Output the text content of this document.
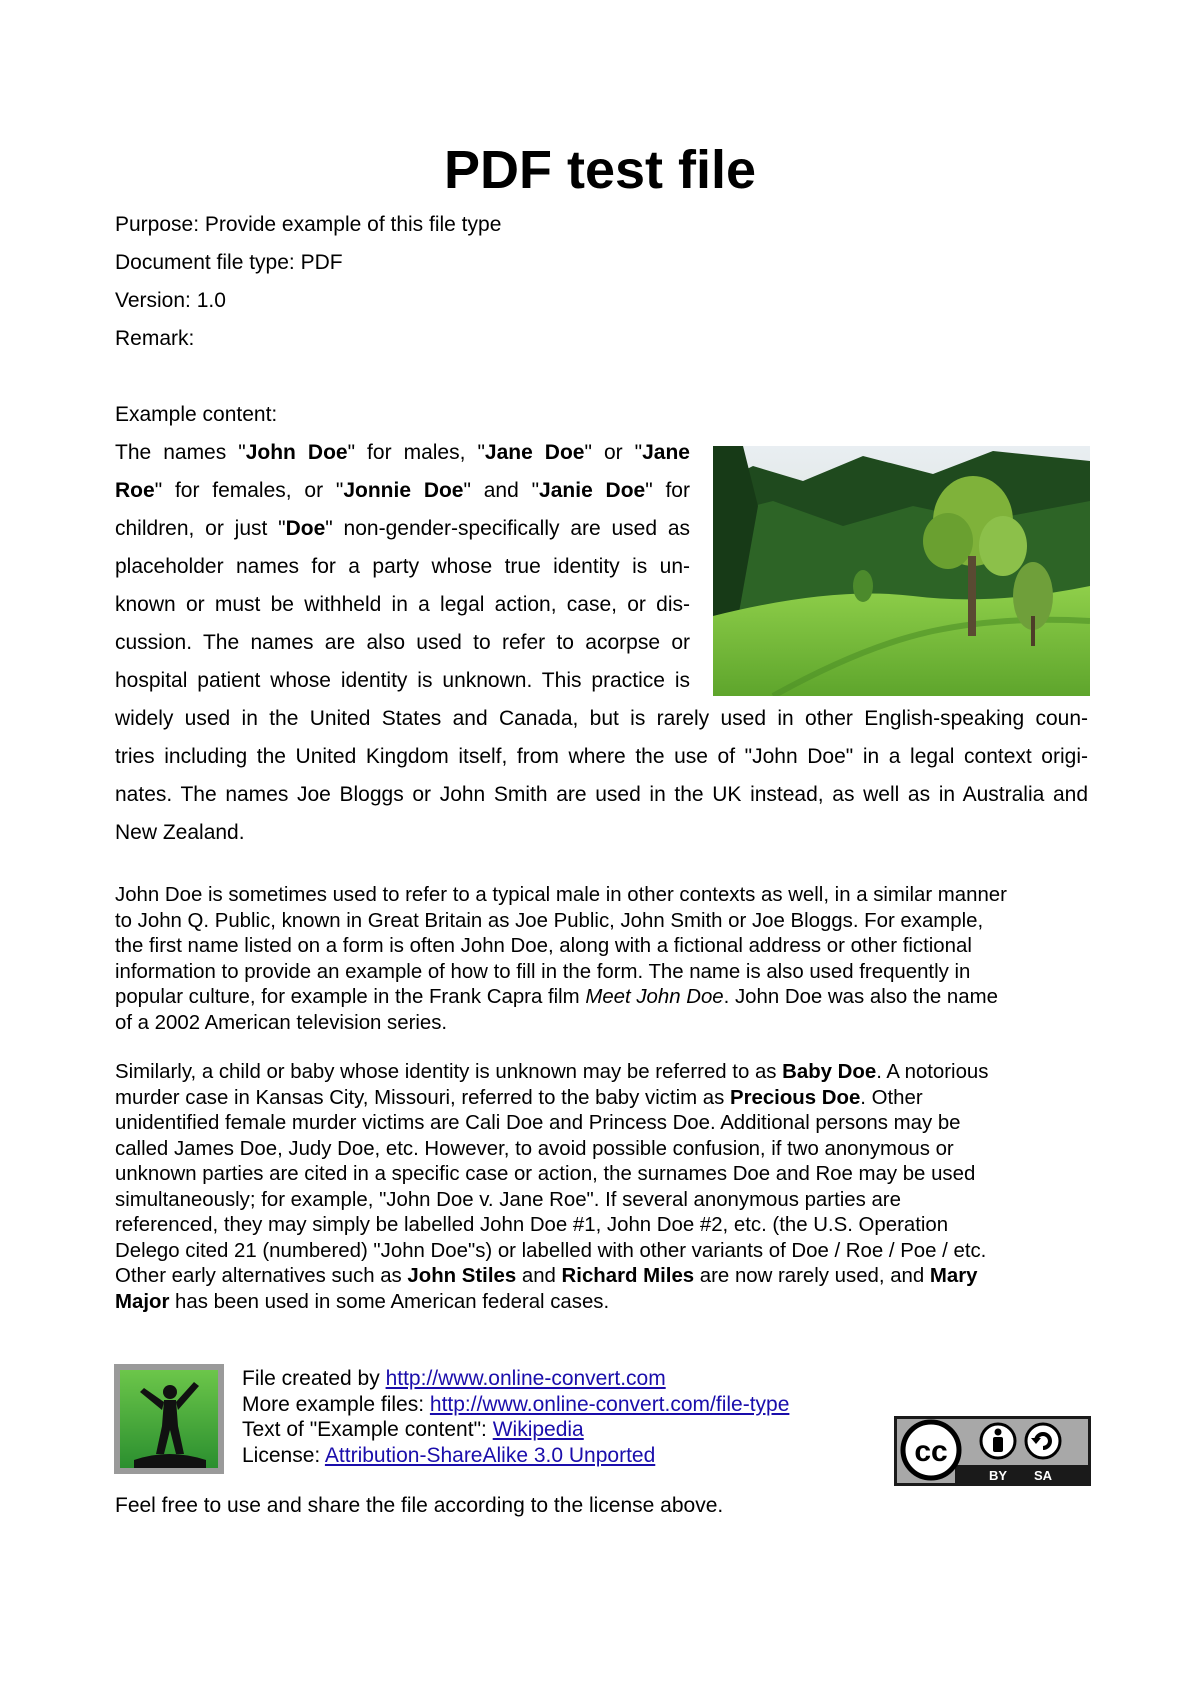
PDF test file
Purpose: Provide example of this file type
Document file type: PDF
Version: 1.0
Remark:
Example content:
The names "John Doe" for males, "Jane Doe" or "Jane
Roe" for females, or "Jonnie Doe" and "Janie Doe" for
children, or just "Doe" non-gender-specifically are used as
placeholder names for a party whose true identity is un-
known or must be withheld in a legal action, case, or dis-
cussion. The names are also used to refer to acorpse or
hospital patient whose identity is unknown. This practice is
widely used in the United States and Canada, but is rarely used in other English-speaking coun-
tries including the United Kingdom itself, from where the use of "John Doe" in a legal context origi-
nates. The names Joe Bloggs or John Smith are used in the UK instead, as well as in Australia and
New Zealand.
John Doe is sometimes used to refer to a typical male in other contexts as well, in a similar manner
to John Q. Public, known in Great Britain as Joe Public, John Smith or Joe Bloggs. For example,
the first name listed on a form is often John Doe, along with a fictional address or other fictional
information to provide an example of how to fill in the form. The name is also used frequently in
popular culture, for example in the Frank Capra film Meet John Doe. John Doe was also the name
of a 2002 American television series.
Similarly, a child or baby whose identity is unknown may be referred to as Baby Doe. A notorious
murder case in Kansas City, Missouri, referred to the baby victim as Precious Doe. Other
unidentified female murder victims are Cali Doe and Princess Doe. Additional persons may be
called James Doe, Judy Doe, etc. However, to avoid possible confusion, if two anonymous or
unknown parties are cited in a specific case or action, the surnames Doe and Roe may be used
simultaneously; for example, "John Doe v. Jane Roe". If several anonymous parties are
referenced, they may simply be labelled John Doe #1, John Doe #2, etc. (the U.S. Operation
Delego cited 21 (numbered) "John Doe"s) or labelled with other variants of Doe / Roe / Poe / etc.
Other early alternatives such as John Stiles and Richard Miles are now rarely used, and Mary
Major has been used in some American federal cases.
File created by http://www.online-convert.com
More example files: http://www.online-convert.com/file-type
Text of "Example content": Wikipedia
License: Attribution-ShareAlike 3.0 Unported	cc
BY SA
Feel free to use and share the file according to the license above.
